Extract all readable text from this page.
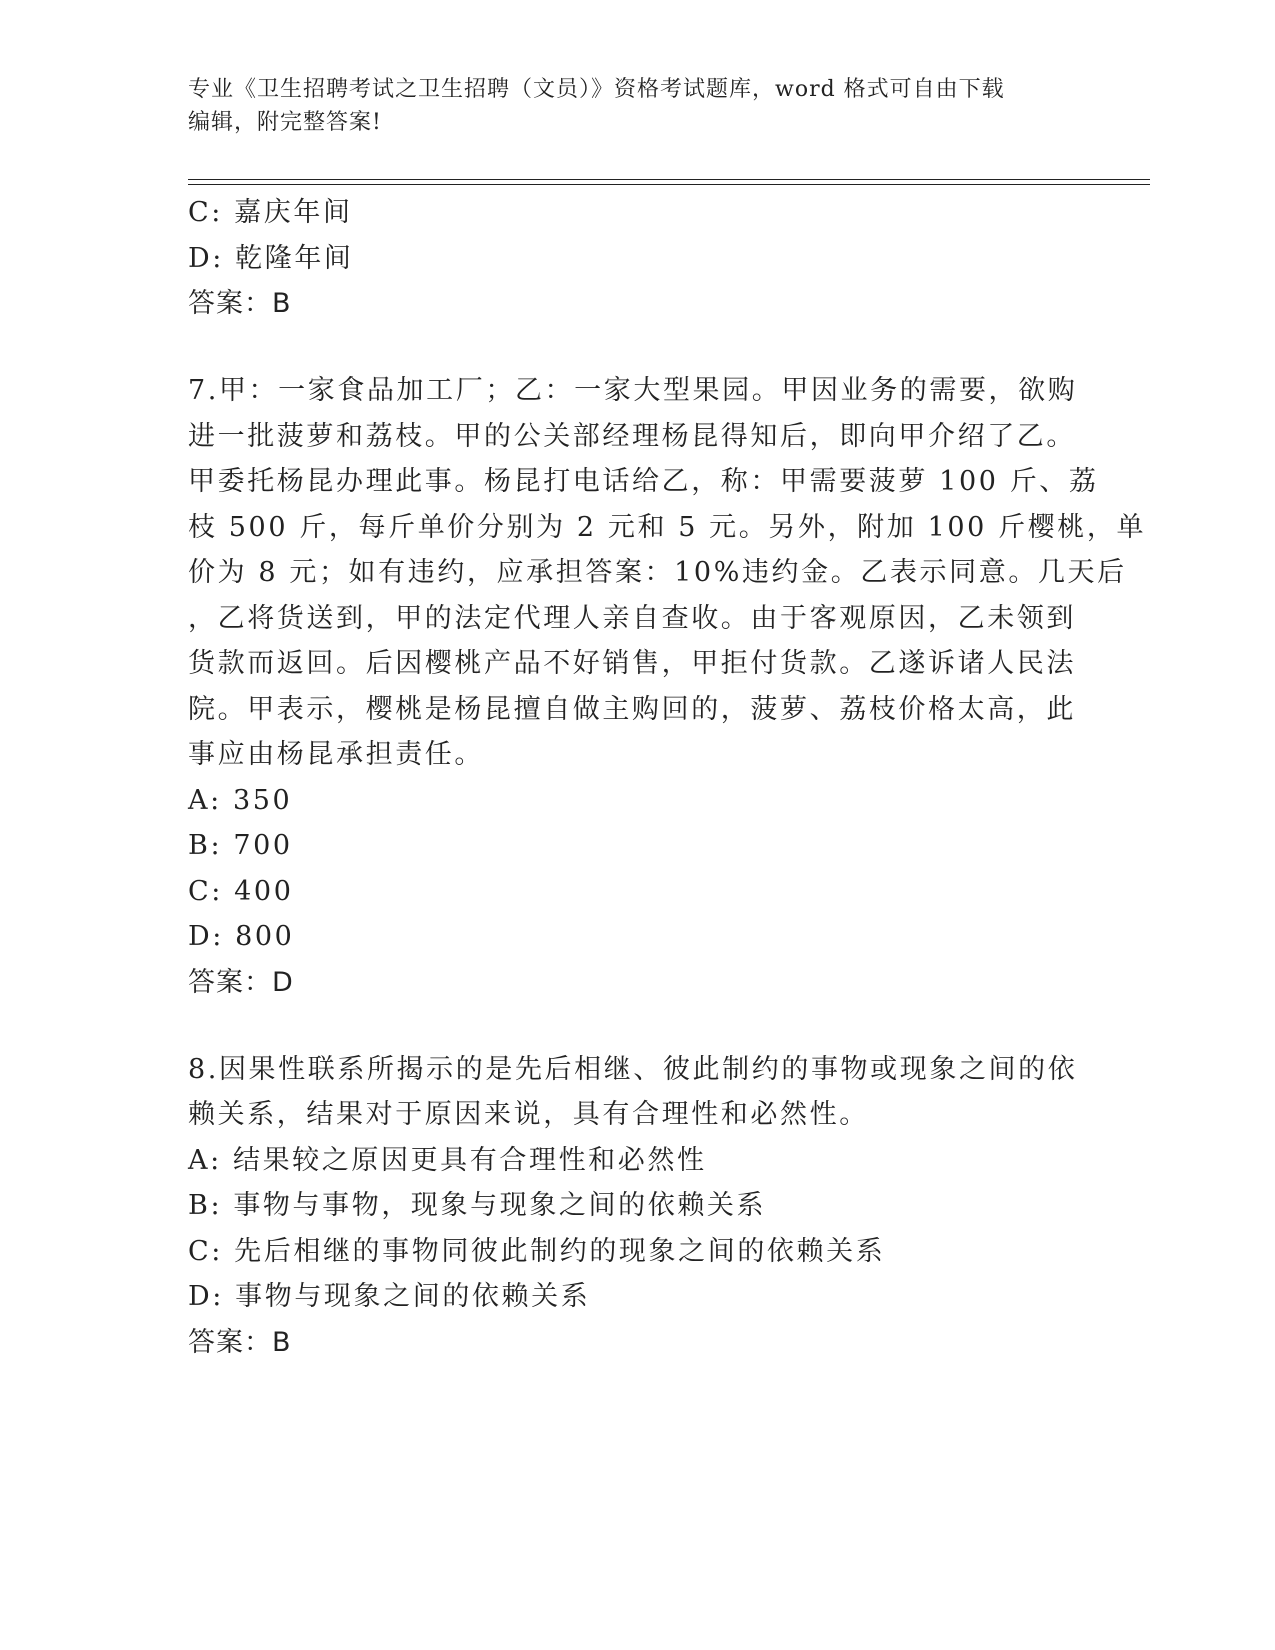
专业《卫生招聘考试之卫生招聘（文员）》资格考试题库，word 格式可自由下载
编辑，附完整答案!
C: 嘉庆年间
D: 乾隆年间
答案：B
7.甲：一家食品加工厂；乙：一家大型果园。甲因业务的需要，欲购
进一批菠萝和荔枝。甲的公关部经理杨昆得知后，即向甲介绍了乙。
甲委托杨昆办理此事。杨昆打电话给乙，称：甲需要菠萝 100 斤、荔
枝 500 斤，每斤单价分别为 2 元和 5 元。另外，附加 100 斤樱桃，单
价为 8 元；如有违约，应承担答案：10%违约金。乙表示同意。几天后
，乙将货送到，甲的法定代理人亲自查收。由于客观原因，乙未领到
货款而返回。后因樱桃产品不好销售，甲拒付货款。乙遂诉诸人民法
院。甲表示，樱桃是杨昆擅自做主购回的，菠萝、荔枝价格太高，此
事应由杨昆承担责任。
A: 350
B: 700
C: 400
D: 800
答案：D
8.因果性联系所揭示的是先后相继、彼此制约的事物或现象之间的依
赖关系，结果对于原因来说，具有合理性和必然性。
A: 结果较之原因更具有合理性和必然性
B: 事物与事物，现象与现象之间的依赖关系
C: 先后相继的事物同彼此制约的现象之间的依赖关系
D: 事物与现象之间的依赖关系
答案：B
